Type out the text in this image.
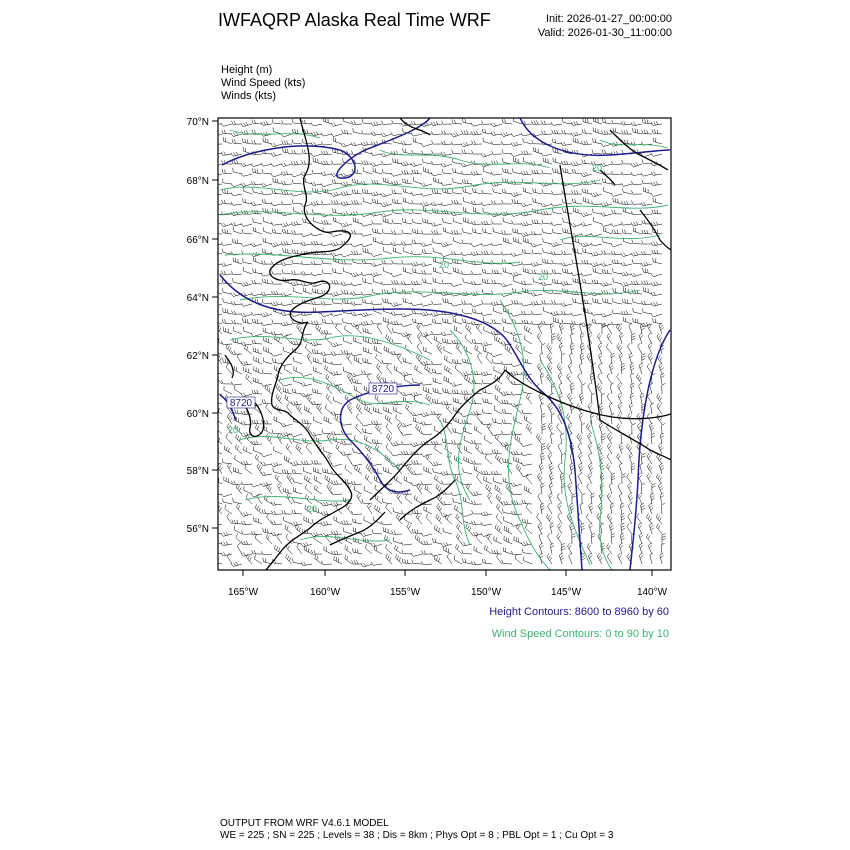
IWFAQRP Alaska Real Time WRF	Init: 2026-01-27_00:00:00
Valid: 2026-01-30_11:00:00
Height (m)
Wind Speed (kts)
Winds (kts)
8720
8720
20
20
20
20
20
70°N
68°N
66°N
64°N
62°N
60°N
58°N
56°N
165°W	160°W	155°W	150°W	145°W	140°W
Height Contours: 8600 to 8960 by 60
Wind Speed Contours: 0 to 90 by 10
OUTPUT FROM WRF V4.6.1 MODEL
WE = 225 ; SN = 225 ; Levels = 38 ; Dis = 8km ; Phys Opt = 8 ; PBL Opt = 1 ; Cu Opt = 3
